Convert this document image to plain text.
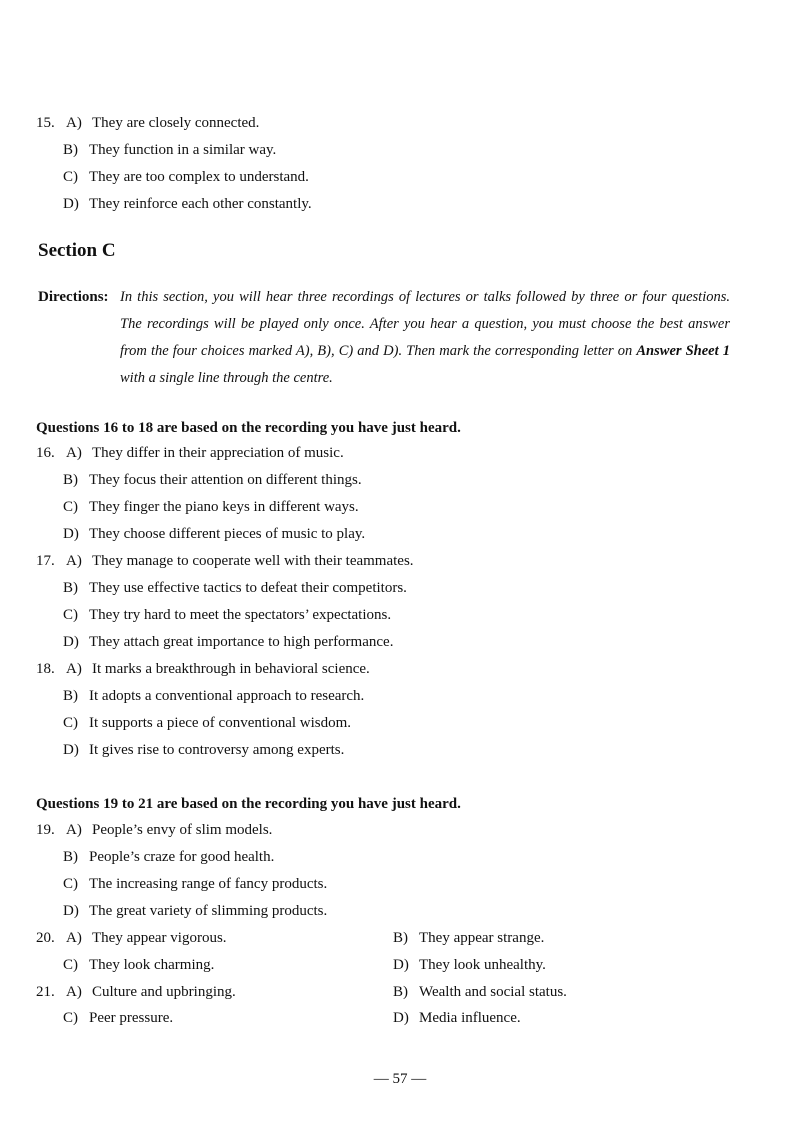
15. A) They are closely connected.
B) They function in a similar way.
C) They are too complex to understand.
D) They reinforce each other constantly.
Section C
Directions: In this section, you will hear three recordings of lectures or talks followed by three or four questions. The recordings will be played only once. After you hear a question, you must choose the best answer from the four choices marked A), B), C) and D). Then mark the corresponding letter on Answer Sheet 1 with a single line through the centre.
Questions 16 to 18 are based on the recording you have just heard.
16. A) They differ in their appreciation of music.
B) They focus their attention on different things.
C) They finger the piano keys in different ways.
D) They choose different pieces of music to play.
17. A) They manage to cooperate well with their teammates.
B) They use effective tactics to defeat their competitors.
C) They try hard to meet the spectators’ expectations.
D) They attach great importance to high performance.
18. A) It marks a breakthrough in behavioral science.
B) It adopts a conventional approach to research.
C) It supports a piece of conventional wisdom.
D) It gives rise to controversy among experts.
Questions 19 to 21 are based on the recording you have just heard.
19. A) People’s envy of slim models.
B) People’s craze for good health.
C) The increasing range of fancy products.
D) The great variety of slimming products.
20. A) They appear vigorous.	B) They appear strange.
C) They look charming.	D) They look unhealthy.
21. A) Culture and upbringing.	B) Wealth and social status.
C) Peer pressure.	D) Media influence.
— 57 —
